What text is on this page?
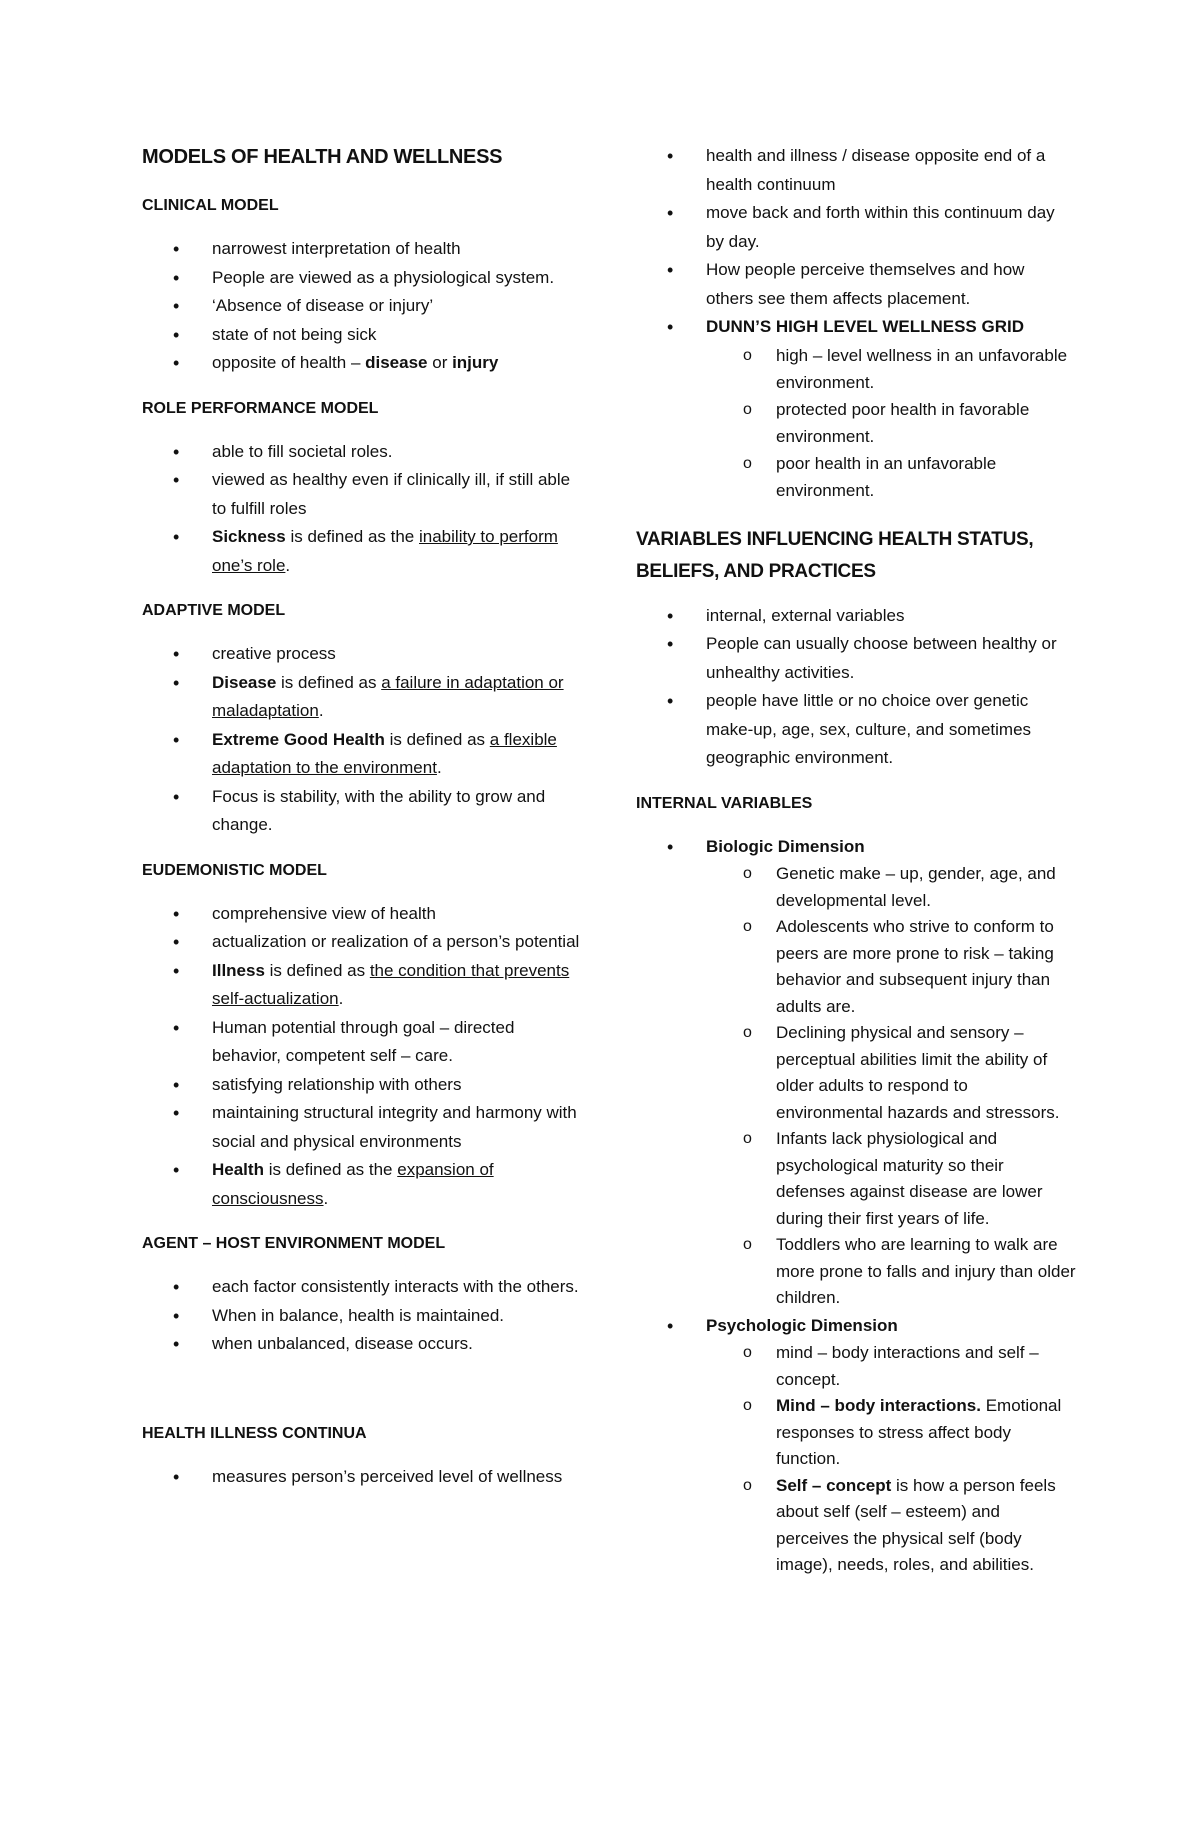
MODELS OF HEALTH AND WELLNESS
CLINICAL MODEL
• narrowest interpretation of health
• People are viewed as a physiological system.
• ‘Absence of disease or injury’
• state of not being sick
• opposite of health – disease or injury
ROLE PERFORMANCE MODEL
• able to fill societal roles.
• viewed as healthy even if clinically ill, if still able to fulfill roles
• Sickness is defined as the inability to perform one’s role.
ADAPTIVE MODEL
• creative process
• Disease is defined as a failure in adaptation or maladaptation.
• Extreme Good Health is defined as a flexible adaptation to the environment.
• Focus is stability, with the ability to grow and change.
EUDEMONISTIC MODEL
• comprehensive view of health
• actualization or realization of a person’s potential
• Illness is defined as the condition that prevents self-actualization.
• Human potential through goal – directed behavior, competent self – care.
• satisfying relationship with others
• maintaining structural integrity and harmony with social and physical environments
• Health is defined as the expansion of consciousness.
AGENT – HOST ENVIRONMENT MODEL
• each factor consistently interacts with the others.
• When in balance, health is maintained.
• when unbalanced, disease occurs.
HEALTH ILLNESS CONTINUA
• measures person’s perceived level of wellness
• health and illness / disease opposite end of a health continuum
• move back and forth within this continuum day by day.
• How people perceive themselves and how others see them affects placement.
• DUNN’S HIGH LEVEL WELLNESS GRID
o high – level wellness in an unfavorable environment.
o protected poor health in favorable environment.
o poor health in an unfavorable environment.
VARIABLES INFLUENCING HEALTH STATUS, BELIEFS, AND PRACTICES
• internal, external variables
• People can usually choose between healthy or unhealthy activities.
• people have little or no choice over genetic make-up, age, sex, culture, and sometimes geographic environment.
INTERNAL VARIABLES
• Biologic Dimension
o Genetic make – up, gender, age, and developmental level.
o Adolescents who strive to conform to peers are more prone to risk – taking behavior and subsequent injury than adults are.
o Declining physical and sensory – perceptual abilities limit the ability of older adults to respond to environmental hazards and stressors.
o Infants lack physiological and psychological maturity so their defenses against disease are lower during their first years of life.
o Toddlers who are learning to walk are more prone to falls and injury than older children.
• Psychologic Dimension
o mind – body interactions and self – concept.
o Mind – body interactions. Emotional responses to stress affect body function.
o Self – concept is how a person feels about self (self – esteem) and perceives the physical self (body image), needs, roles, and abilities.
